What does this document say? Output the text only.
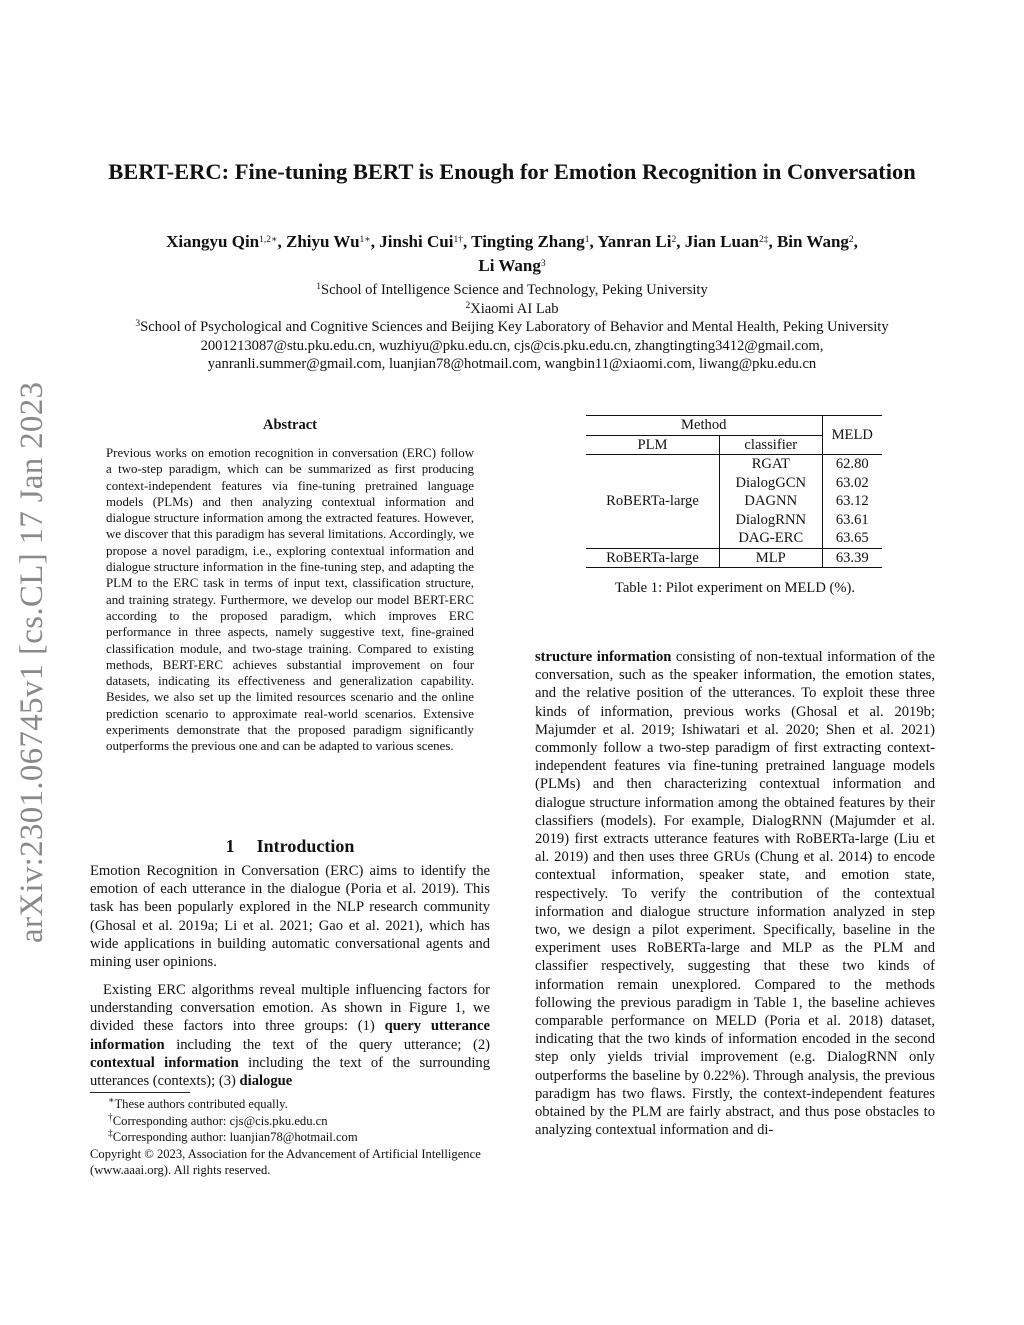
arXiv:2301.06745v1 [cs.CL] 17 Jan 2023
BERT-ERC: Fine-tuning BERT is Enough for Emotion Recognition in Conversation
Xiangyu Qin$^{1,2∗}$, Zhiyu $Wu^{1∗}$, Jinshi Cui$^{1\dagger}$, Tingting Zhang$^1$, Yanran Li$^2$, Jian Luan$^{2\ddagger}$, Bin Wang$^2$,
Li Wang$^3$
$^1$School of Intelligence Science and Technology, Peking University
$^2$Xiaomi AI Lab
$^3$School of Psychological and Cognitive Sciences and Beijing Key Laboratory of Behavior and Mental Health, Peking University
2001213087@stu.pku.edu.cn, wuzhiyu@pku.edu.cn, cjs@cis.pku.edu.cn, zhangtingting3412@gmail.com,
yanranli.summer@gmail.com, luanjian78@hotmail.com, wangbin11@xiaomi.com, liwang@pku.edu.cn
Abstract
Previous works on emotion recognition in conversation (ERC) follow a two-step paradigm, which can be summarized as first producing context-independent features via fine-tuning pretrained language models (PLMs) and then analyzing contextual information and dialogue structure information among the extracted features. However, we discover that this paradigm has several limitations. Accordingly, we propose a novel paradigm, i.e., exploring contextual information and dialogue structure information in the fine-tuning step, and adapting the PLM to the ERC task in terms of input text, classification structure, and training strategy. Furthermore, we develop our model BERT-ERC according to the proposed paradigm, which improves ERC performance in three aspects, namely suggestive text, fine-grained classification module, and two-stage training. Compared to existing methods, BERT-ERC achieves substantial improvement on four datasets, indicating its effectiveness and generalization capability. Besides, we also set up the limited resources scenario and the online prediction scenario to approximate real-world scenarios. Extensive experiments demonstrate that the proposed paradigm significantly outperforms the previous one and can be adapted to various scenes.
1 Introduction
Emotion Recognition in Conversation (ERC) aims to identify the emotion of each utterance in the dialogue (Poria et al. 2019). This task has been popularly explored in the NLP research community (Ghosal et al. 2019a; Li et al. 2021; Gao et al. 2021), which has wide applications in building automatic conversational agents and mining user opinions.
Existing ERC algorithms reveal multiple influencing factors for understanding conversation emotion. As shown in Figure 1, we divided these factors into three groups: (1) query utterance information including the text of the query utterance; (2) contextual information including the text of the surrounding utterances (contexts); (3) dialogue
∗These authors contributed equally.
†Corresponding author: cjs@cis.pku.edu.cn
‡Corresponding author: luanjian78@hotmail.com
Copyright © 2023, Association for the Advancement of Artificial Intelligence (www.aaai.org). All rights reserved.
Method		MELD
PLM	classifier	
RoBERTa-large	RGAT	62.80
	DialogGCN	63.02
	DAGNN	63.12
	DialogRNN	63.61
	DAG-ERC	63.65
RoBERTa-large	MLP	63.39
Table 1: Pilot experiment on MELD (%).
structure information consisting of non-textual information of the conversation, such as the speaker information, the emotion states, and the relative position of the utterances. To exploit these three kinds of information, previous works (Ghosal et al. 2019b; Majumder et al. 2019; Ishiwatari et al. 2020; Shen et al. 2021) commonly follow a two-step paradigm of first extracting context-independent features via fine-tuning pretrained language models (PLMs) and then characterizing contextual information and dialogue structure information among the obtained features by their classifiers (models). For example, DialogRNN (Majumder et al. 2019) first extracts utterance features with RoBERTa-large (Liu et al. 2019) and then uses three GRUs (Chung et al. 2014) to encode contextual information, speaker state, and emotion state, respectively. To verify the contribution of the contextual information and dialogue structure information analyzed in step two, we design a pilot experiment. Specifically, baseline in the experiment uses RoBERTa-large and MLP as the PLM and classifier respectively, suggesting that these two kinds of information remain unexplored. Compared to the methods following the previous paradigm in Table 1, the baseline achieves comparable performance on MELD (Poria et al. 2018) dataset, indicating that the two kinds of information encoded in the second step only yields trivial improvement (e.g. DialogRNN only outperforms the baseline by 0.22%). Through analysis, the previous paradigm has two flaws. Firstly, the context-independent features obtained by the PLM are fairly abstract, and thus pose obstacles to analyzing contextual information and di-
